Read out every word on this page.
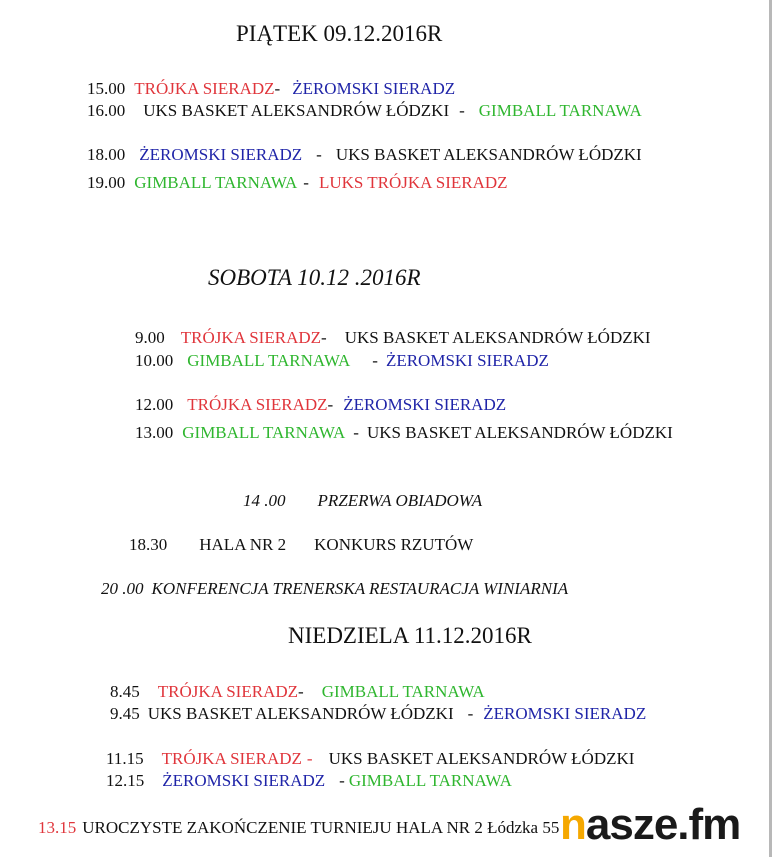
PIĄTEK 09.12.2016R
15.00 TRÓJKA SIERADZ- ŻEROMSKI SIERADZ
16.00 UKS BASKET ALEKSANDRÓW ŁÓDZKI - GIMBALL TARNAWA
18.00 ŻEROMSKI SIERADZ - UKS BASKET ALEKSANDRÓW ŁÓDZKI
19.00 GIMBALL TARNAWA - LUKS TRÓJKA SIERADZ
SOBOTA 10.12 .2016R
9.00 TRÓJKA SIERADZ- UKS BASKET ALEKSANDRÓW ŁÓDZKI
10.00 GIMBALL TARNAWA - ŻEROMSKI SIERADZ
12.00 TRÓJKA SIERADZ- ŻEROMSKI SIERADZ
13.00 GIMBALL TARNAWA - UKS BASKET ALEKSANDRÓW ŁÓDZKI
14 .00 PRZERWA OBIADOWA
18.30 HALA NR 2 KONKURS RZUTÓW
20 .00 KONFERENCJA TRENERSKA RESTAURACJA WINIARNIA
NIEDZIELA 11.12.2016R
8.45 TRÓJKA SIERADZ- GIMBALL TARNAWA
9.45 UKS BASKET ALEKSANDRÓW ŁÓDZKI - ŻEROMSKI SIERADZ
11.15 TRÓJKA SIERADZ - UKS BASKET ALEKSANDRÓW ŁÓDZKI
12.15 ŻEROMSKI SIERADZ - GIMBALL TARNAWA
13.15 UROCZYSTE ZAKOŃCZENIE TURNIEJU HALA NR 2 Łódzka 55 nasze.fm
